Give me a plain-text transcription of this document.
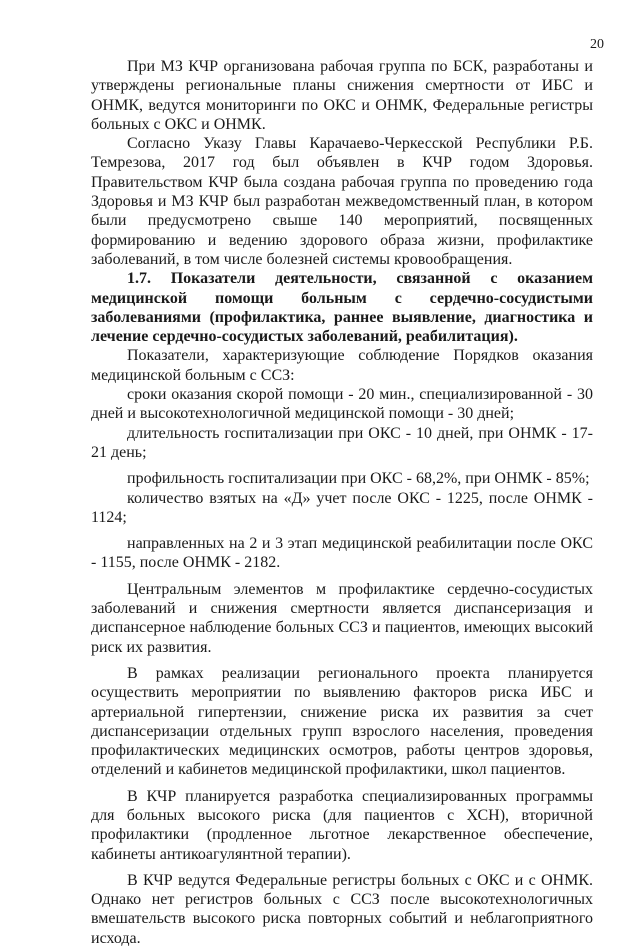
20

При МЗ КЧР организована рабочая группа по БСК, разработаны и утверждены региональные планы снижения смертности от ИБС и ОНМК, ведутся мониторинги по ОКС и ОНМК, Федеральные регистры больных с ОКС и ОНМК.

Согласно Указу Главы Карачаево-Черкесской Республики Р.Б. Темрезова, 2017 год был объявлен в КЧР годом Здоровья. Правительством КЧР была создана рабочая группа по проведению года Здоровья и МЗ КЧР был разработан межведомственный план, в котором были предусмотрено свыше 140 мероприятий, посвященных формированию и ведению здорового образа жизни, профилактике заболеваний, в том числе болезней системы кровообращения.

1.7. Показатели деятельности, связанной с оказанием медицинской помощи больным с сердечно-сосудистыми заболеваниями (профилактика, раннее выявление, диагностика и лечение сердечно-сосудистых заболеваний, реабилитация).

Показатели, характеризующие соблюдение Порядков оказания медицинской больным с ССЗ:

сроки оказания скорой помощи - 20 мин., специализированной - 30 дней и высокотехнологичной медицинской помощи - 30 дней;

длительность госпитализации при ОКС - 10 дней, при ОНМК - 17-21 день;

профильность госпитализации при ОКС - 68,2%, при ОНМК - 85%;

количество взятых на «Д» учет после ОКС - 1225, после ОНМК - 1124;

направленных на 2 и 3 этап медицинской реабилитации после ОКС - 1155, после ОНМК - 2182.

Центральным элементов м профилактике сердечно-сосудистых заболеваний и снижения смертности является диспансеризация и диспансерное наблюдение больных ССЗ и пациентов, имеющих высокий риск их развития.

В рамках реализации регионального проекта планируется осуществить мероприятии по выявлению факторов риска ИБС и артериальной гипертензии, снижение риска их развития за счет диспансеризации отдельных групп взрослого населения, проведения профилактических медицинских осмотров, работы центров здоровья, отделений и кабинетов медицинской профилактики, школ пациентов.

В КЧР планируется разработка специализированных программы для больных высокого риска (для пациентов с ХСН), вторичной профилактики (продленное льготное лекарственное обеспечение, кабинеты антикоагулянтной терапии).

В КЧР ведутся Федеральные регистры больных с ОКС и с ОНМК. Однако нет регистров больных с ССЗ после высокотехнологичных вмешательств высокого риска повторных событий и неблагоприятного исхода.
